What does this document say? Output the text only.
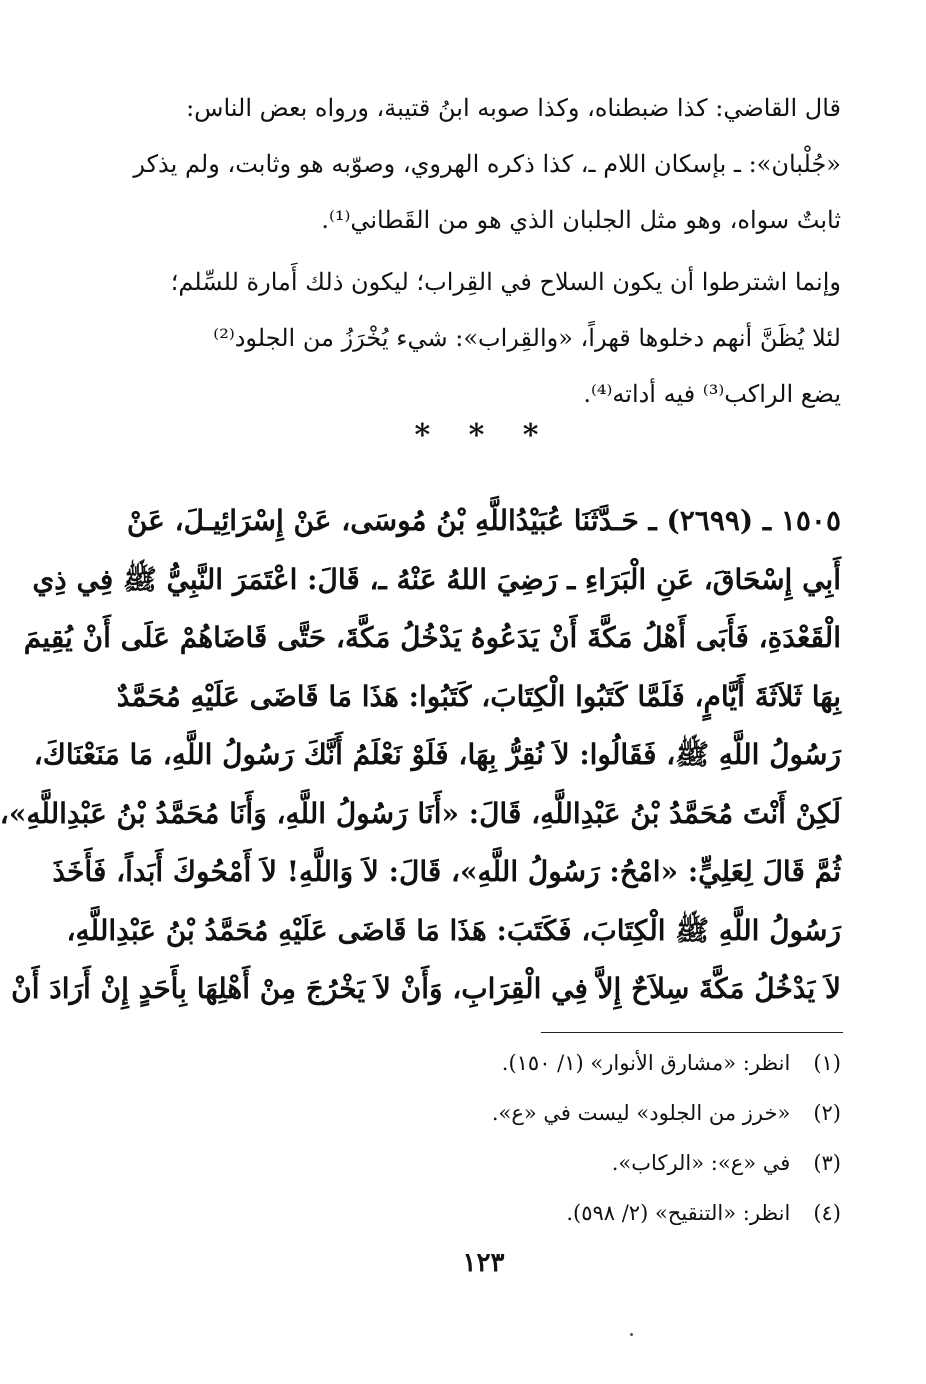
قال القاضي: كذا ضبطناه، وكذا صوبه ابنُ قتيبة، ورواه بعض الناس:
«جُلْبان»: ـ بإسكان اللام ـ، كذا ذكره الهروي، وصوّبه هو وثابت، ولم يذكر
ثابتٌ سواه، وهو مثل الجلبان الذي هو من القَطاني⁽¹⁾.

وإنما اشترطوا أن يكون السلاح في القِراب؛ ليكون ذلك أَمارة للسِّلم؛
لئلا يُظَنَّ أنهم دخلوها قهراً، «والقِراب»: شيء يُخْرَزُ من الجلود⁽²⁾
يضع الراكب⁽³⁾ فيه أداته⁽⁴⁾.

* * *

١٥٠٥ ـ (٢٦٩٩) ـ حَـدَّثَنَا عُبَيْدُاللَّهِ بْنُ مُوسَى، عَنْ إِسْرَائِيـلَ، عَنْ
أَبِي إِسْحَاقَ، عَنِ الْبَرَاءِ ـ رَضِيَ اللهُ عَنْهُ ـ، قَالَ: اعْتَمَرَ النَّبِيُّ ﷺ فِي ذِي
الْقَعْدَةِ، فَأَبَى أَهْلُ مَكَّةَ أَنْ يَدَعُوهُ يَدْخُلُ مَكَّةَ، حَتَّى قَاضَاهُمْ عَلَى أَنْ يُقِيمَ
بِهَا ثَلاَثَةَ أَيَّامٍ، فَلَمَّا كَتَبُوا الْكِتَابَ، كَتَبُوا: هَذَا مَا قَاضَى عَلَيْهِ مُحَمَّدٌ
رَسُولُ اللَّهِ ﷺ، فَقَالُوا: لاَ نُقِرُّ بِهَا، فَلَوْ نَعْلَمُ أَنَّكَ رَسُولُ اللَّهِ، مَا مَنَعْنَاكَ،
لَكِنْ أَنْتَ مُحَمَّدُ بْنُ عَبْدِاللَّهِ، قَالَ: «أَنَا رَسُولُ اللَّهِ، وَأَنَا مُحَمَّدُ بْنُ عَبْدِاللَّهِ»،
ثُمَّ قَالَ لِعَلِيٍّ: «امْحُ: رَسُولُ اللَّهِ»، قَالَ: لاَ وَاللَّهِ! لاَ أَمْحُوكَ أَبَداً، فَأَخَذَ
رَسُولُ اللَّهِ ﷺ الْكِتَابَ، فَكَتَبَ: هَذَا مَا قَاضَى عَلَيْهِ مُحَمَّدُ بْنُ عَبْدِاللَّهِ،
لاَ يَدْخُلُ مَكَّةَ سِلاَحٌ إِلاَّ فِي الْقِرَابِ، وَأَنْ لاَ يَخْرُجَ مِنْ أَهْلِهَا بِأَحَدٍ إِنْ أَرَادَ أَنْ

(١) انظر: «مشارق الأنوار» (١/ ١٥٠).
(٢) «خرز من الجلود» ليست في «ع».
(٣) في «ع»: «الركاب».
(٤) انظر: «التنقيح» (٢/ ٥٩٨).
١٢٣
